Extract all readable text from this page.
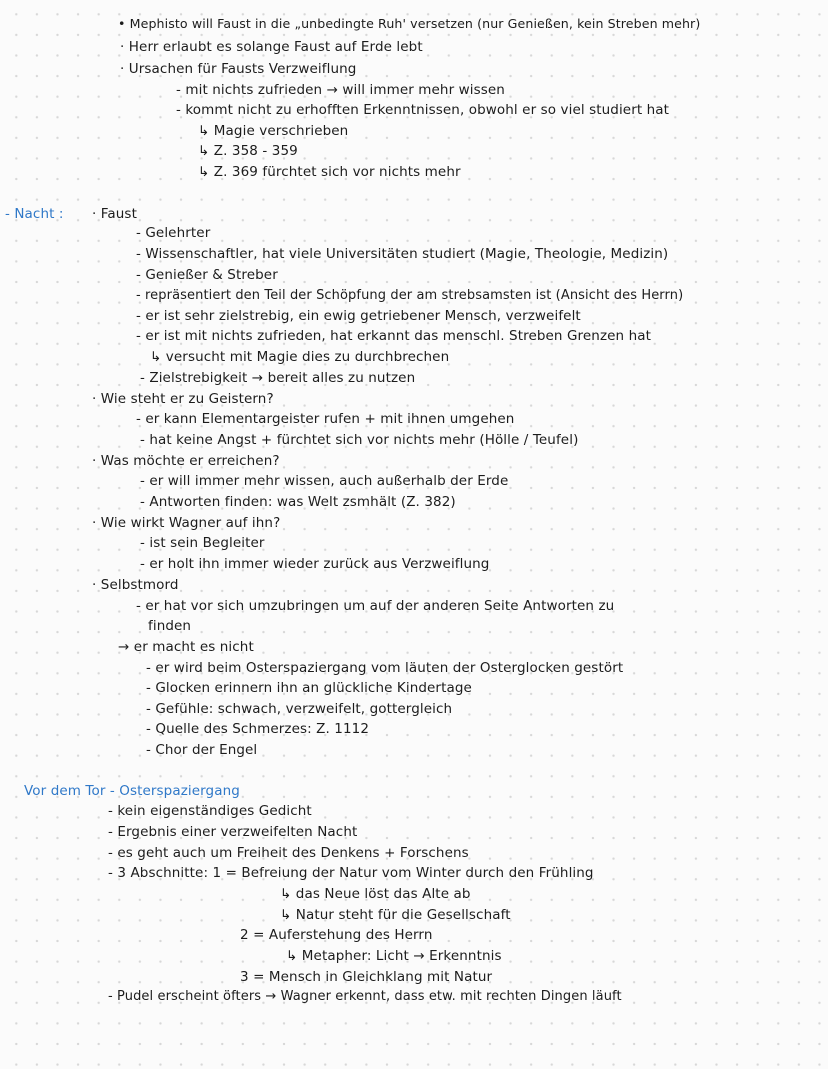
• Mephisto will Faust in die „unbedingte Ruh' versetzen (nur Genießen, kein Streben mehr)
· Herr erlaubt es solange Faust auf Erde lebt
· Ursachen für Fausts Verzweiflung
- mit nichts zufrieden → will immer mehr wissen
- kommt nicht zu erhofften Erkenntnissen, obwohl er so viel studiert hat
↳ Magie verschrieben
↳ Z. 358 - 359
↳ Z. 369 fürchtet sich vor nichts mehr
- Nacht : · Faust
- Gelehrter
- Wissenschaftler, hat viele Universitäten studiert (Magie, Theologie, Medizin)
- Genießer & Streber
- repräsentiert den Teil der Schöpfung der am strebsamsten ist (Ansicht des Herrn)
- er ist sehr zielstrebig, ein ewig getriebener Mensch, verzweifelt
- er ist mit nichts zufrieden, hat erkannt das menschl. Streben Grenzen hat
↳ versucht mit Magie dies zu durchbrechen
- Zielstrebigkeit → bereit alles zu nutzen
· Wie steht er zu Geistern?
- er kann Elementargeister rufen + mit ihnen umgehen
- hat keine Angst + fürchtet sich vor nichts mehr (Hölle / Teufel)
· Was möchte er erreichen?
- er will immer mehr wissen, auch außerhalb der Erde
- Antworten finden: was Welt zsmhält (Z. 382)
· Wie wirkt Wagner auf ihn?
- ist sein Begleiter
- er holt ihn immer wieder zurück aus Verzweiflung
· Selbstmord
- er hat vor sich umzubringen um auf der anderen Seite Antworten zu
finden
→ er macht es nicht
- er wird beim Osterspaziergang vom läuten der Osterglocken gestört
- Glocken erinnern ihn an glückliche Kindertage
- Gefühle: schwach, verzweifelt, gottergleich
- Quelle des Schmerzes: Z. 1112
- Chor der Engel
Vor dem Tor - Osterspaziergang
- kein eigenständiges Gedicht
- Ergebnis einer verzweifelten Nacht
- es geht auch um Freiheit des Denkens + Forschens
- 3 Abschnitte: 1 = Befreiung der Natur vom Winter durch den Frühling
↳ das Neue löst das Alte ab
↳ Natur steht für die Gesellschaft
2 = Auferstehung des Herrn
↳ Metapher: Licht → Erkenntnis
3 = Mensch in Gleichklang mit Natur
- Pudel erscheint öfters → Wagner erkennt, dass etw. mit rechten Dingen läuft
